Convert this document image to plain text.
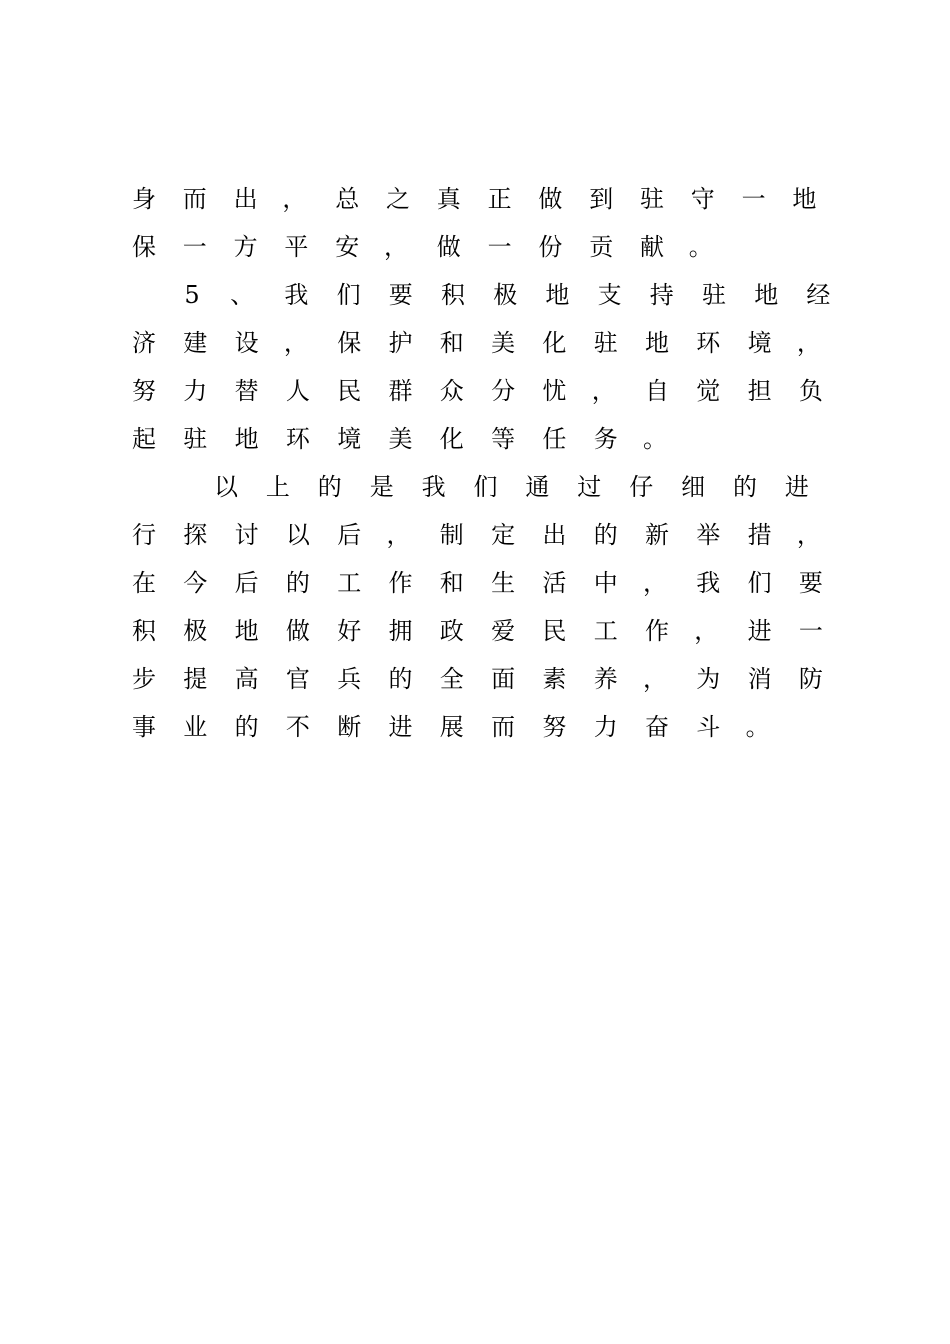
身 而 出 ， 总 之 真 正 做 到 驻 守 一 地

保 一 方 平 安 ， 做 一 份 贡 献 。

5 、 我 们 要 积 极 地 支 持 驻 地 经

济 建 设 ， 保 护 和 美 化 驻 地 环 境 ，

努 力 替 人 民 群 众 分 忧 ， 自 觉 担 负

起 驻 地 环 境 美 化 等 任 务 。

以 上 的 是 我 们 通 过 仔 细 的 进

行 探 讨 以 后 ， 制 定 出 的 新 举 措 ，

在 今 后 的 工 作 和 生 活 中 ， 我 们 要

积 极 地 做 好 拥 政 爱 民 工 作 ， 进 一

步 提 高 官 兵 的 全 面 素 养 ， 为 消 防

事 业 的 不 断 进 展 而 努 力 奋 斗 。
